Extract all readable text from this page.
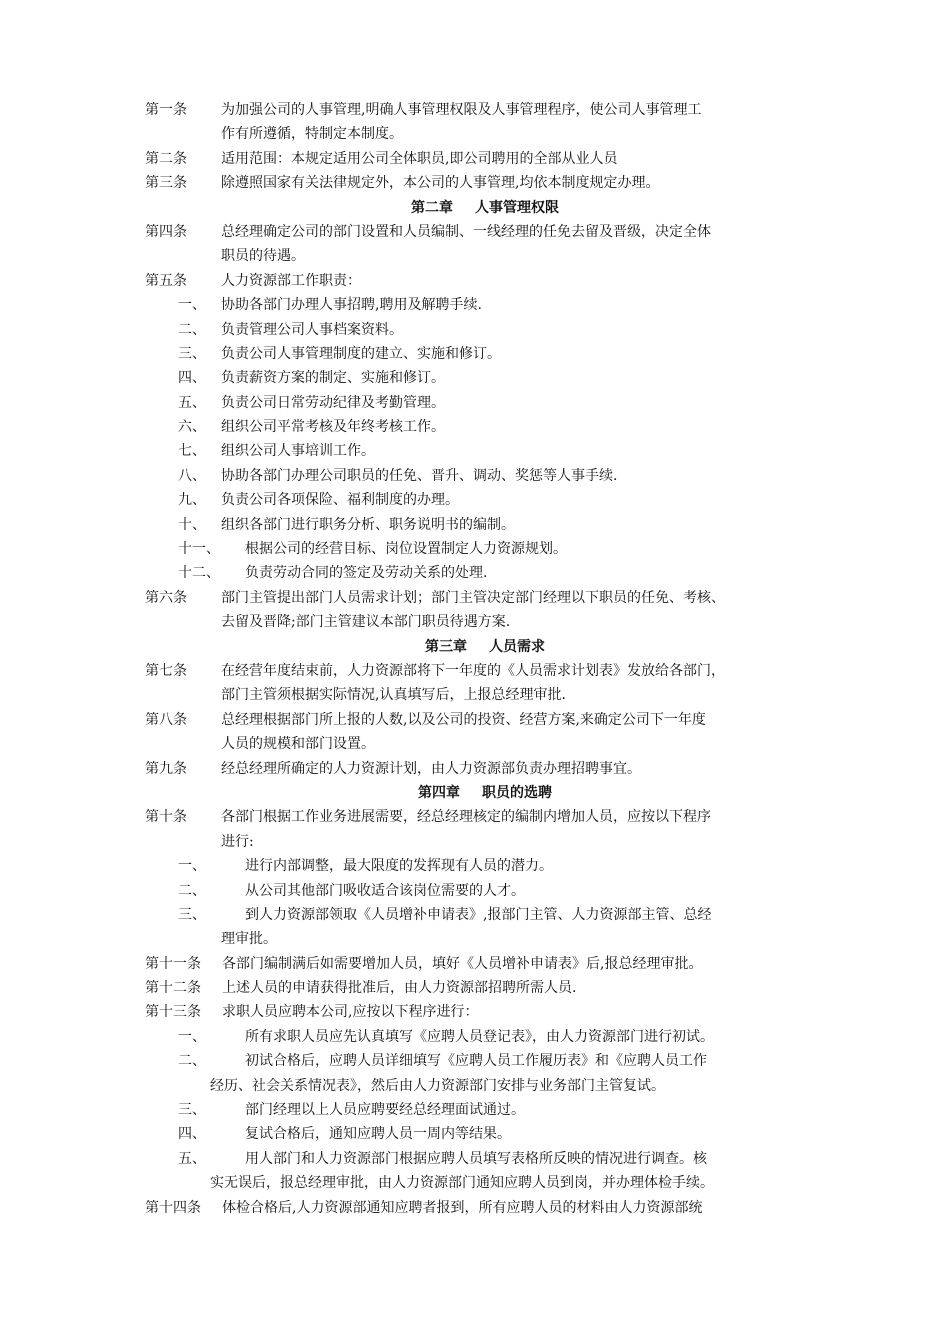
第一条 为加强公司的人事管理,明确人事管理权限及人事管理程序，使公司人事管理工
作有所遵循，特制定本制度。
第二条 适用范围：本规定适用公司全体职员,即公司聘用的全部从业人员
第三条 除遵照国家有关法律规定外，本公司的人事管理,均依本制度规定办理。
第二章 人事管理权限
第四条 总经理确定公司的部门设置和人员编制、一线经理的任免去留及晋级，决定全体
职员的待遇。
第五条 人力资源部工作职责：
一、 协助各部门办理人事招聘,聘用及解聘手续.
二、 负责管理公司人事档案资料。
三、 负责公司人事管理制度的建立、实施和修订。
四、 负责薪资方案的制定、实施和修订。
五、 负责公司日常劳动纪律及考勤管理。
六、 组织公司平常考核及年终考核工作。
七、 组织公司人事培训工作。
八、 协助各部门办理公司职员的任免、晋升、调动、奖惩等人事手续.
九、 负责公司各项保险、福利制度的办理。
十、 组织各部门进行职务分析、职务说明书的编制。
十一、 根据公司的经营目标、岗位设置制定人力资源规划。
十二、 负责劳动合同的签定及劳动关系的处理.
第六条 部门主管提出部门人员需求计划；部门主管决定部门经理以下职员的任免、考核、
去留及晋降;部门主管建议本部门职员待遇方案.
第三章 人员需求
第七条 在经营年度结束前，人力资源部将下一年度的《人员需求计划表》发放给各部门，
部门主管须根据实际情况,认真填写后，上报总经理审批.
第八条 总经理根据部门所上报的人数,以及公司的投资、经营方案,来确定公司下一年度
人员的规模和部门设置。
第九条 经总经理所确定的人力资源计划，由人力资源部负责办理招聘事宜。
第四章 职员的选聘
第十条 各部门根据工作业务进展需要，经总经理核定的编制内增加人员，应按以下程序
进行:
一、	进行内部调整，最大限度的发挥现有人员的潜力。
二、	从公司其他部门吸收适合该岗位需要的人才。
三、	到人力资源部领取《人员增补申请表》,报部门主管、人力资源部主管、总经
理审批。
第十一条 各部门编制满后如需要增加人员，填好《人员增补申请表》后,报总经理审批。
第十二条 上述人员的申请获得批准后，由人力资源部招聘所需人员.
第十三条 求职人员应聘本公司,应按以下程序进行：
一、	所有求职人员应先认真填写《应聘人员登记表》，由人力资源部门进行初试。
二、	初试合格后，应聘人员详细填写《应聘人员工作履历表》和《应聘人员工作
经历、社会关系情况表》，然后由人力资源部门安排与业务部门主管复试。
三、	部门经理以上人员应聘要经总经理面试通过。
四、	复试合格后，通知应聘人员一周内等结果。
五、	用人部门和人力资源部门根据应聘人员填写表格所反映的情况进行调查。核
实无误后，报总经理审批，由人力资源部门通知应聘人员到岗，并办理体检手续。
第十四条 体检合格后,人力资源部通知应聘者报到，所有应聘人员的材料由人力资源部统
